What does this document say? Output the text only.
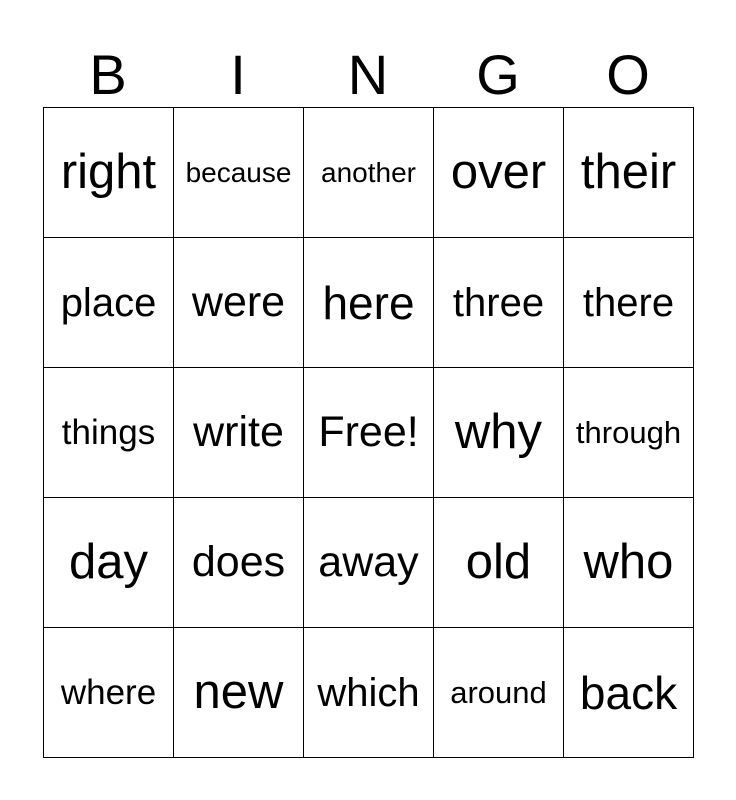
B	I	N	G	O
right	because	another over their
place were here three there
things write Free! why	through
day	does away old	who
where new which around back
